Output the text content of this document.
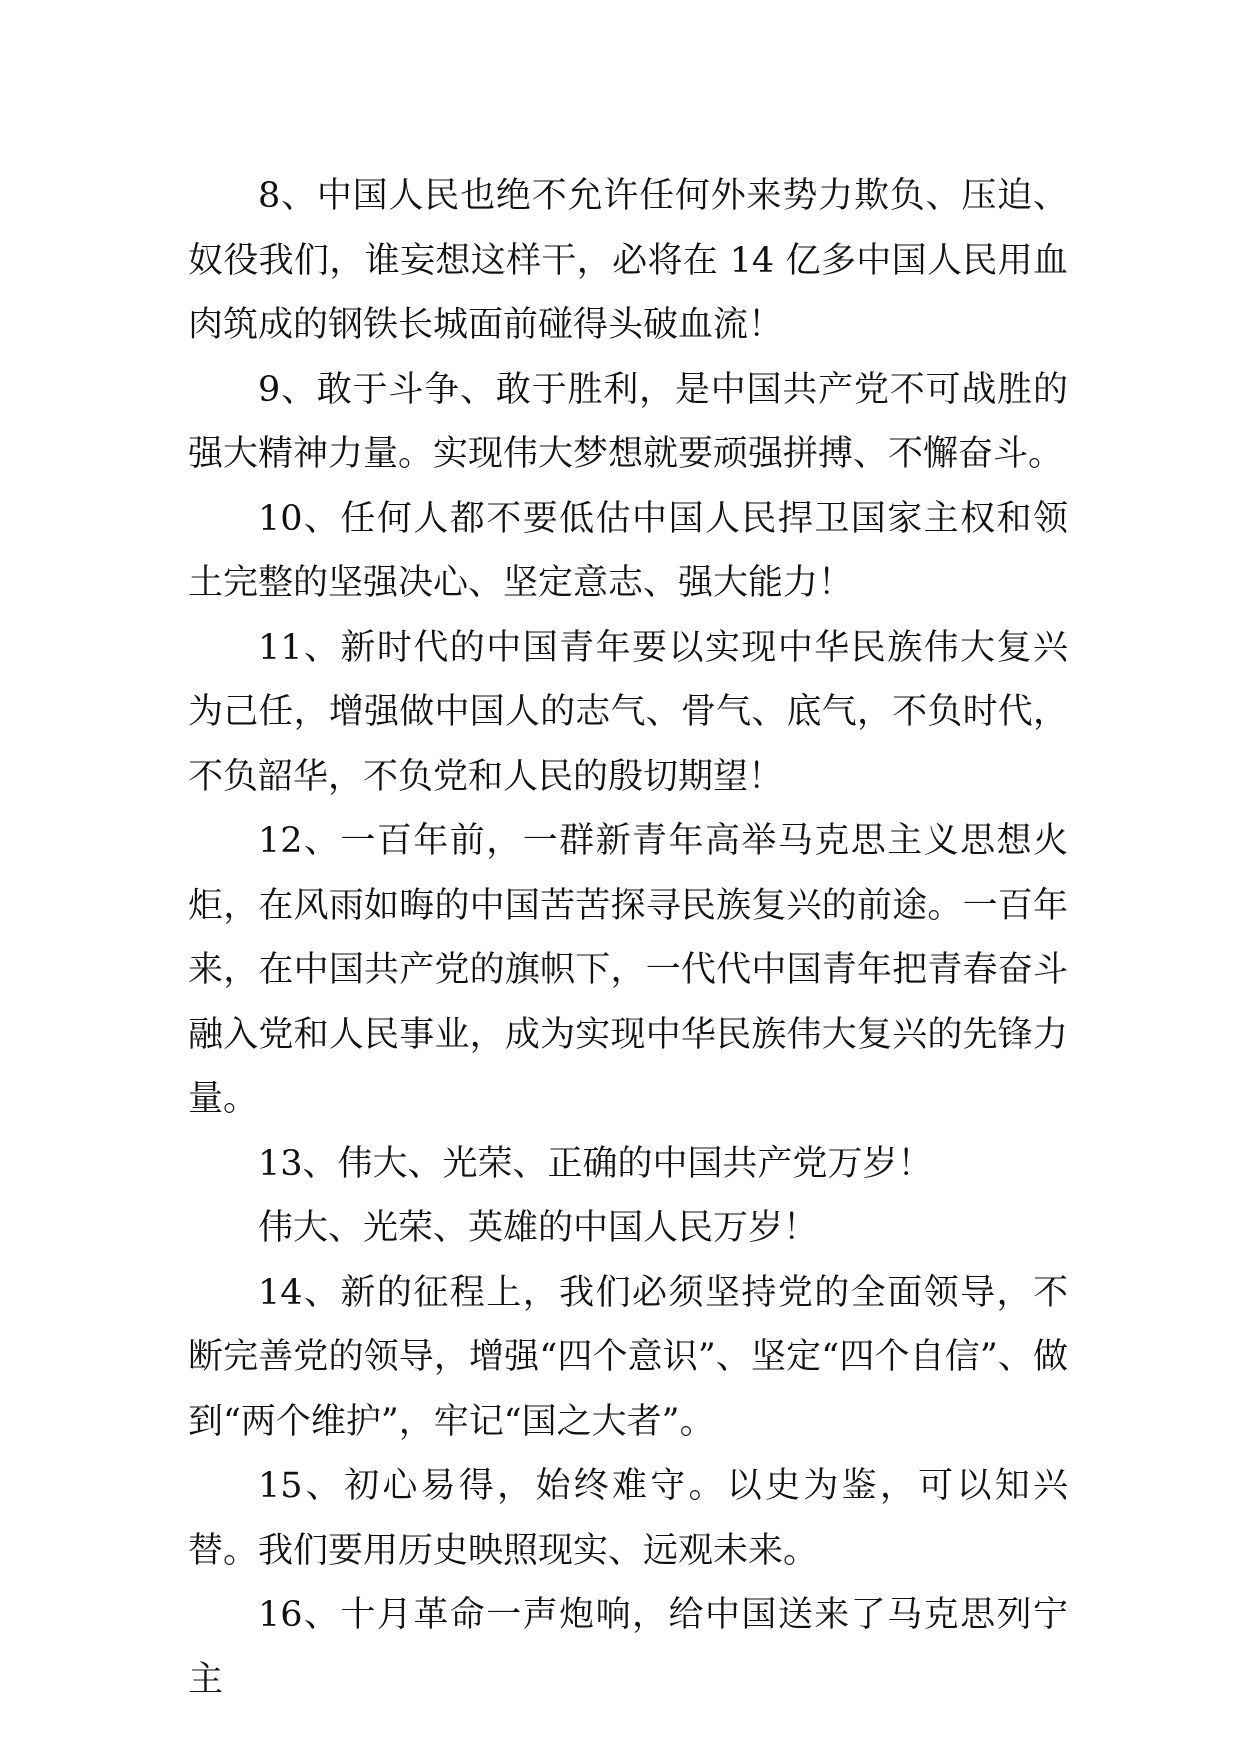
8、中国人民也绝不允许任何外来势力欺负、压迫、奴役我们，谁妄想这样干，必将在 14 亿多中国人民用血肉筑成的钢铁长城面前碰得头破血流！

9、敢于斗争、敢于胜利，是中国共产党不可战胜的强大精神力量。实现伟大梦想就要顽强拼搏、不懈奋斗。

10、任何人都不要低估中国人民捍卫国家主权和领土完整的坚强决心、坚定意志、强大能力！

11、新时代的中国青年要以实现中华民族伟大复兴为己任，增强做中国人的志气、骨气、底气，不负时代，不负韶华，不负党和人民的殷切期望！

12、一百年前，一群新青年高举马克思主义思想火炬，在风雨如晦的中国苦苦探寻民族复兴的前途。一百年来，在中国共产党的旗帜下，一代代中国青年把青春奋斗融入党和人民事业，成为实现中华民族伟大复兴的先锋力量。

13、伟大、光荣、正确的中国共产党万岁！

伟大、光荣、英雄的中国人民万岁！

14、新的征程上，我们必须坚持党的全面领导，不断完善党的领导，增强“四个意识”、坚定“四个自信”、做到“两个维护”，牢记“国之大者”。

15、初心易得，始终难守。以史为鉴，可以知兴替。我们要用历史映照现实、远观未来。

16、十月革命一声炮响，给中国送来了马克思列宁主
